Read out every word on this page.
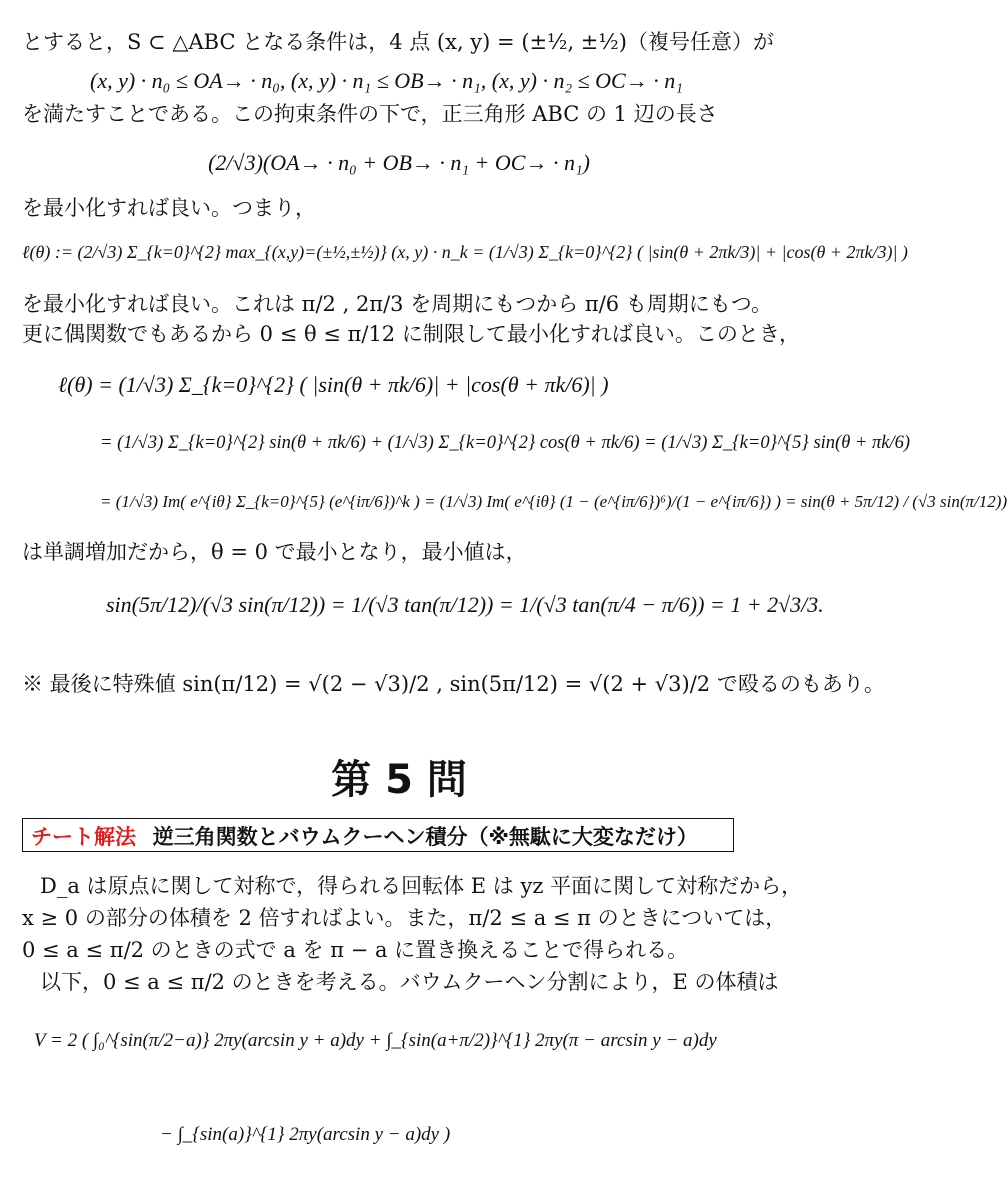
とすると，S ⊂ △ABC となる条件は，4 点 (x, y) = (±½, ±½)（複号任意）が
(x, y) · n₀ ≤ OA→ · n₀, (x, y) · n₁ ≤ OB→ · n₁, (x, y) · n₂ ≤ OC→ · n₁
を満たすことである。この拘束条件の下で，正三角形 ABC の 1 辺の長さ
(2/√3)(OA→ · n₀ + OB→ · n₁ + OC→ · n₁)
を最小化すれば良い。つまり，
ℓ(θ) := (2/√3) Σ_{k=0}^{2} max_{(x,y)=(±½,±½)} (x, y) · n_k = (1/√3) Σ_{k=0}^{2} ( |sin(θ + 2πk/3)| + |cos(θ + 2πk/3)| )
を最小化すれば良い。これは π/2 , 2π/3 を周期にもつから π/6 も周期にもつ。
更に偶関数でもあるから 0 ≤ θ ≤ π/12 に制限して最小化すれば良い。このとき，
ℓ(θ) = (1/√3) Σ_{k=0}^{2} ( |sin(θ + πk/6)| + |cos(θ + πk/6)| )
= (1/√3) Σ_{k=0}^{2} sin(θ + πk/6) + (1/√3) Σ_{k=0}^{2} cos(θ + πk/6) = (1/√3) Σ_{k=0}^{5} sin(θ + πk/6)
= (1/√3) Im( e^{iθ} Σ_{k=0}^{5} (e^{iπ/6})^k ) = (1/√3) Im( e^{iθ} (1 − (e^{iπ/6})⁶)/(1 − e^{iπ/6}) ) = sin(θ + 5π/12) / (√3 sin(π/12))
は単調増加だから，θ = 0 で最小となり，最小値は，
sin(5π/12)/(√3 sin(π/12)) = 1/(√3 tan(π/12)) = 1/(√3 tan(π/4 − π/6)) = 1 + 2√3/3.
※ 最後に特殊値 sin(π/12) = √(2 − √3)/2 , sin(5π/12) = √(2 + √3)/2 で殴るのもあり。
第 5 問
チート解法 逆三角関数とバウムクーヘン積分（※無駄に大変なだけ）
D_a は原点に関して対称で，得られる回転体 E は yz 平面に関して対称だから，
x ≥ 0 の部分の体積を 2 倍すればよい。また，π/2 ≤ a ≤ π のときについては，
0 ≤ a ≤ π/2 のときの式で a を π − a に置き換えることで得られる。
以下，0 ≤ a ≤ π/2 のときを考える。バウムクーヘン分割により，E の体積は
V = 2 ( ∫₀^{sin(π/2−a)} 2πy(arcsin y + a)dy + ∫_{sin(a+π/2)}^{1} 2πy(π − arcsin y − a)dy
− ∫_{sin(a)}^{1} 2πy(arcsin y − a)dy )
